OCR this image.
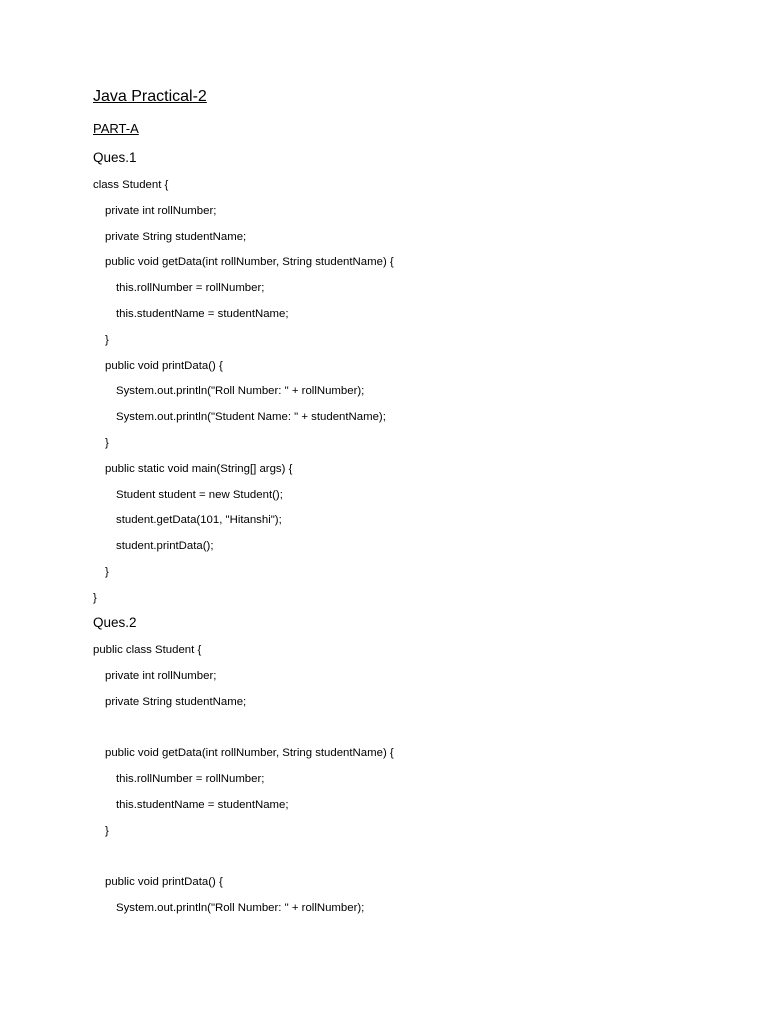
Java Practical-2
PART-A
Ques.1
class Student {
private int rollNumber;
private String studentName;
public void getData(int rollNumber, String studentName) {
this.rollNumber = rollNumber;
this.studentName = studentName;
}
public void printData() {
System.out.println("Roll Number: " + rollNumber);
System.out.println("Student Name: " + studentName);
}
public static void main(String[] args) {
Student student = new Student();
student.getData(101, "Hitanshi");
student.printData();
}
}
Ques.2
public class Student {
private int rollNumber;
private String studentName;
public void getData(int rollNumber, String studentName) {
this.rollNumber = rollNumber;
this.studentName = studentName;
}
public void printData() {
System.out.println("Roll Number: " + rollNumber);
